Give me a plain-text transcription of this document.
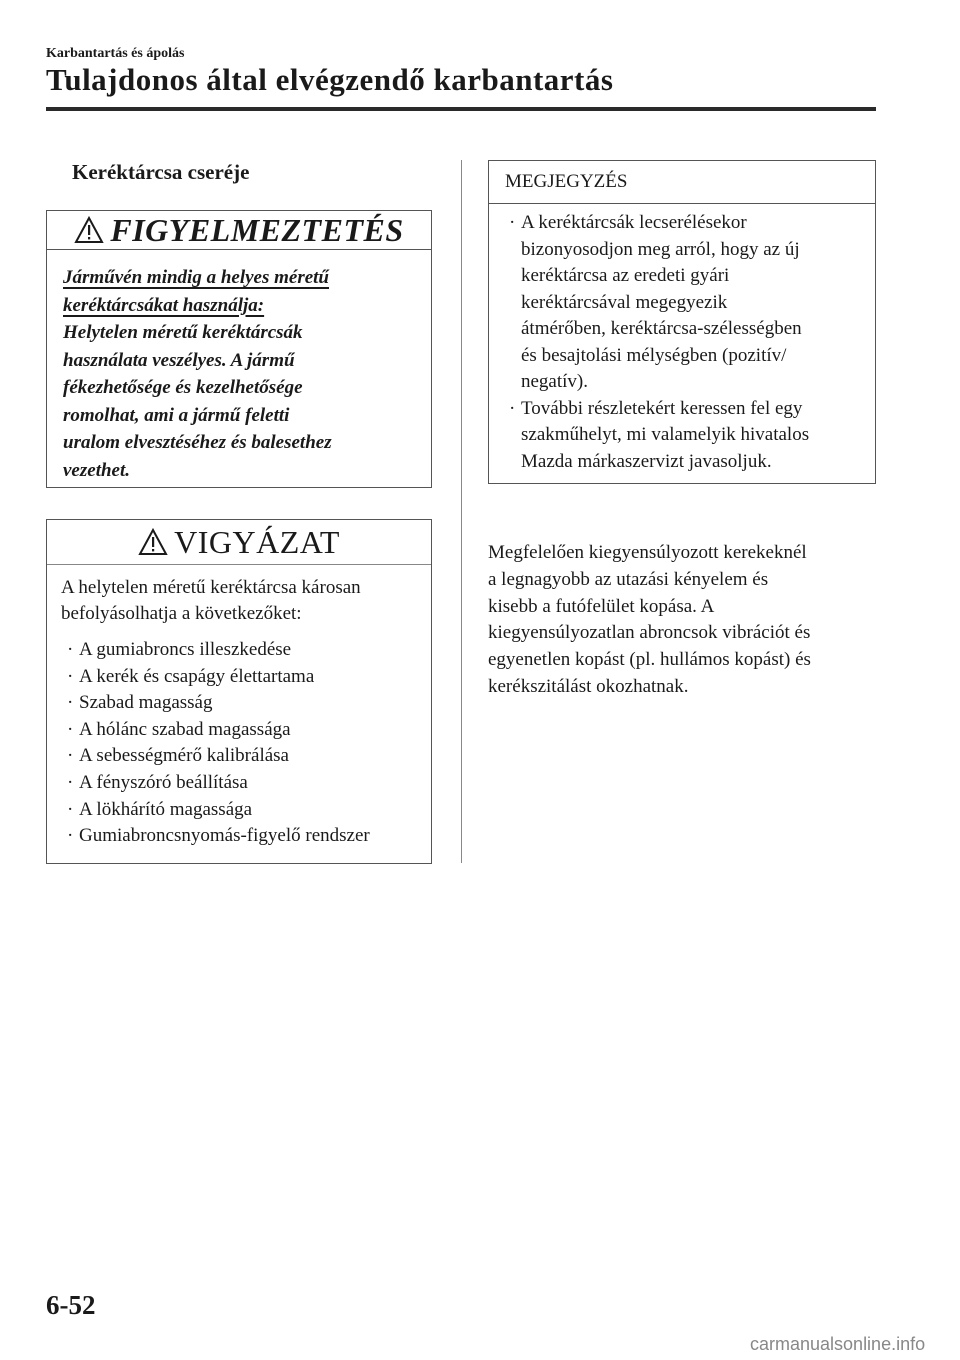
Karbantartás és ápolás
Tulajdonos által elvégzendő karbantartás
Keréktárcsa cseréje
FIGYELMEZTETÉS
Járművén mindig a helyes méretű
keréktárcsákat használja:
Helytelen méretű keréktárcsák
használata veszélyes. A jármű
fékezhetősége és kezelhetősége
romolhat, ami a jármű feletti
uralom elvesztéséhez és balesethez
vezethet.
VIGYÁZAT
A helytelen méretű keréktárcsa károsan
befolyásolhatja a következőket:
· A gumiabroncs illeszkedése
· A kerék és csapágy élettartama
· Szabad magasság
· A hólánc szabad magassága
· A sebességmérő kalibrálása
· A fényszóró beállítása
· A lökhárító magassága
· Gumiabroncsnyomás-figyelő rendszer
MEGJEGYZÉS
· A keréktárcsák lecserélésekor
bizonyosodjon meg arról, hogy az új
keréktárcsa az eredeti gyári
keréktárcsával megegyezik
átmérőben, keréktárcsa-szélességben
és besajtolási mélységben (pozitív/
negatív).
· További részletekért keressen fel egy
szakműhelyt, mi valamelyik hivatalos
Mazda márkaszervizt javasoljuk.
Megfelelően kiegyensúlyozott kerekeknél
a legnagyobb az utazási kényelem és
kisebb a futófelület kopása. A
kiegyensúlyozatlan abroncsok vibrációt és
egyenetlen kopást (pl. hullámos kopást) és
kerékszitálást okozhatnak.
6-52
carmanualsonline.info
